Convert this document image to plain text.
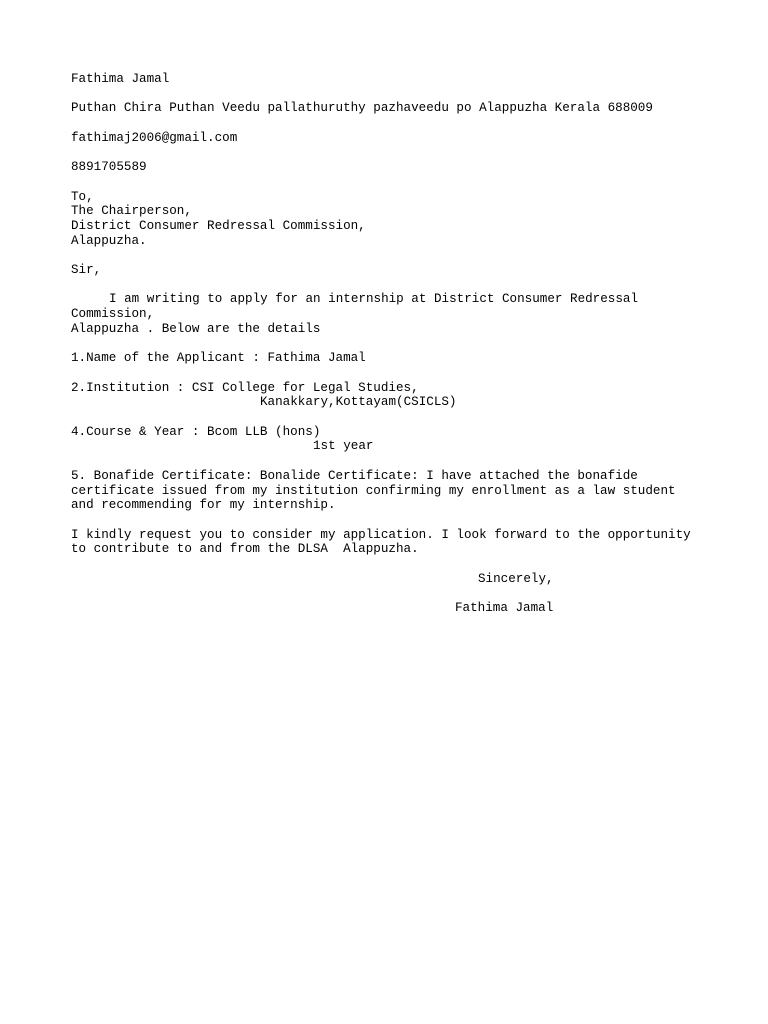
Fathima Jamal
Puthan Chira Puthan Veedu pallathuruthy pazhaveedu po Alappuzha Kerala 688009
fathimaj2006@gmail.com
8891705589
To,
The Chairperson,
District Consumer Redressal Commission,
Alappuzha.
Sir,
I am writing to apply for an internship at District Consumer Redressal
Commission,
Alappuzha . Below are the details
1.Name of the Applicant : Fathima Jamal
2.Institution : CSI College for Legal Studies,
Kanakkary,Kottayam(CSICLS)
4.Course & Year : Bcom LLB (hons)
1st year
5. Bonafide Certificate: Bonalide Certificate: I have attached the bonafide
certificate issued from my institution confirming my enrollment as a law student
and recommending for my internship.
I kindly request you to consider my application. I look forward to the opportunity
to contribute to and from the DLSA  Alappuzha.
Sincerely,
Fathima Jamal
